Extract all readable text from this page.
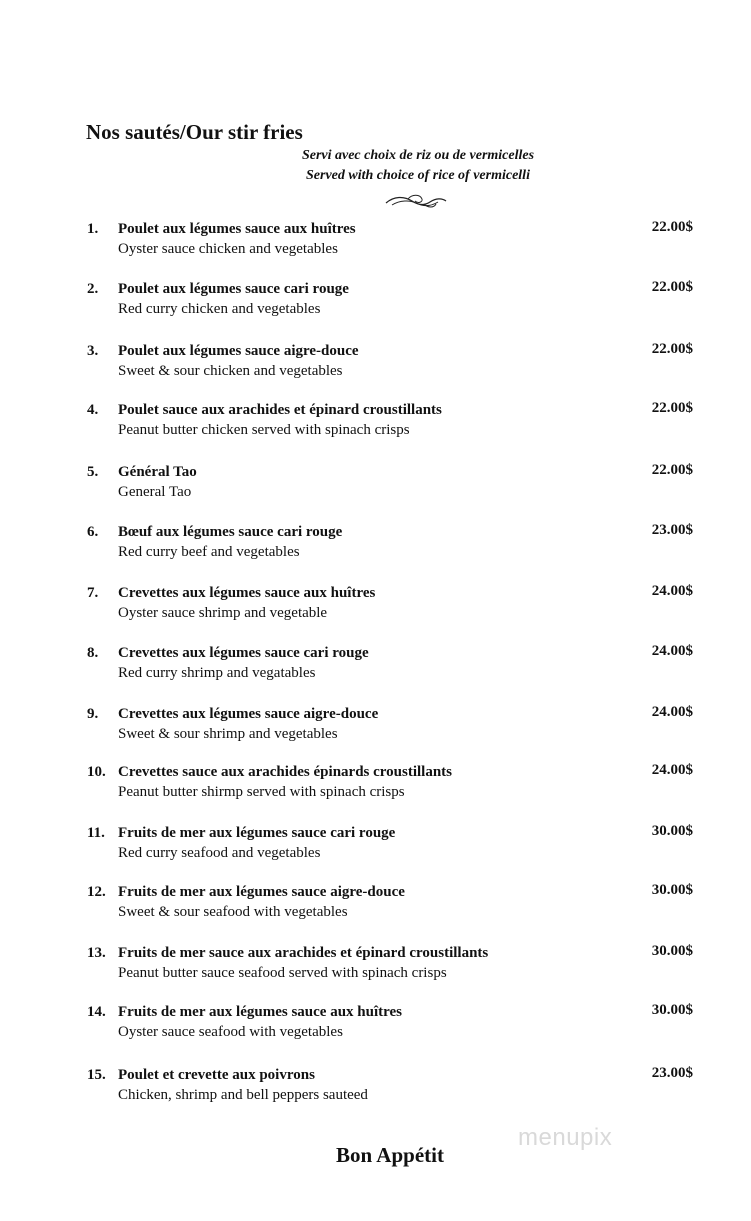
Nos sautés/Our stir fries
Servi avec choix de riz ou de vermicelles
Served with choice of rice of vermicelli
1. Poulet aux légumes sauce aux huîtres
Oyster sauce chicken and vegetables
22.00$
2. Poulet aux légumes sauce cari rouge
Red curry chicken and vegetables
22.00$
3. Poulet aux légumes sauce aigre-douce
Sweet & sour chicken and vegetables
22.00$
4. Poulet sauce aux arachides et épinard croustillants
Peanut butter chicken served with spinach crisps
22.00$
5. Général Tao
General Tao
22.00$
6. Bœuf aux légumes sauce cari rouge
Red curry beef and vegetables
23.00$
7. Crevettes aux légumes sauce aux huîtres
Oyster sauce shrimp and vegetable
24.00$
8. Crevettes aux légumes sauce cari rouge
Red curry shrimp and vegatables
24.00$
9. Crevettes aux légumes sauce aigre-douce
Sweet & sour shrimp and vegetables
24.00$
10. Crevettes sauce aux arachides épinards croustillants
Peanut butter shirmp served with spinach crisps
24.00$
11. Fruits de mer aux légumes sauce cari rouge
Red curry seafood and vegetables
30.00$
12. Fruits de mer aux légumes sauce aigre-douce
Sweet & sour seafood with vegetables
30.00$
13. Fruits de mer sauce aux arachides et épinard croustillants
Peanut butter sauce seafood served with spinach crisps
30.00$
14. Fruits de mer aux légumes sauce aux huîtres
Oyster sauce seafood with vegetables
30.00$
15. Poulet et crevette aux poivrons
Chicken, shrimp and bell peppers sauteed
23.00$
menupix
Bon Appétit
